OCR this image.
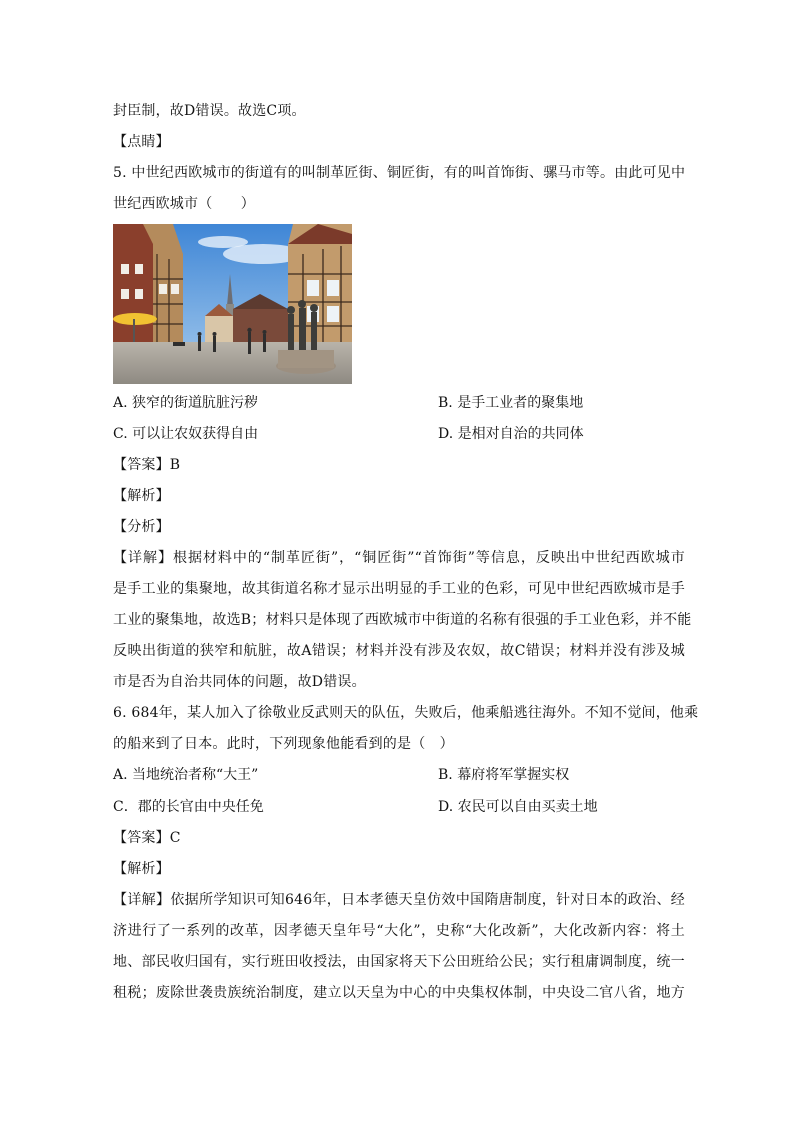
封臣制，故D错误。故选C项。
【点睛】
5. 中世纪西欧城市的街道有的叫制革匠街、铜匠街，有的叫首饰街、骡马市等。由此可见中
世纪西欧城市（　　）
A. 狭窄的街道肮脏污秽	B. 是手工业者的聚集地
C. 可以让农奴获得自由	D. 是相对自治的共同体
【答案】B
【解析】
【分析】
【详解】根据材料中的“制革匠街”，“铜匠街”“首饰街”等信息，反映出中世纪西欧城市
是手工业的集聚地，故其街道名称才显示出明显的手工业的色彩，可见中世纪西欧城市是手
工业的聚集地，故选B；材料只是体现了西欧城市中街道的名称有很强的手工业色彩，并不能
反映出街道的狭窄和航脏，故A错误；材料并没有涉及农奴，故C错误；材料并没有涉及城
市是否为自治共同体的问题，故D错误。
6. 684年，某人加入了徐敬业反武则天的队伍，失败后，他乘船逃往海外。不知不觉间，他乘
的船来到了日本。此时，下列现象他能看到的是（　）
A. 当地统治者称“大王”	B. 幕府将军掌握实权
C．郡的长官由中央任免	D. 农民可以自由买卖土地
【答案】C
【解析】
【详解】依据所学知识可知646年，日本孝德天皇仿效中国隋唐制度，针对日本的政治、经
济进行了一系列的改革，因孝德天皇年号“大化”，史称“大化改新”，大化改新内容：将土
地、部民收归国有，实行班田收授法，由国家将天下公田班给公民；实行租庸调制度，统一
租税；废除世袭贵族统治制度，建立以天皇为中心的中央集权体制，中央设二官八省，地方
